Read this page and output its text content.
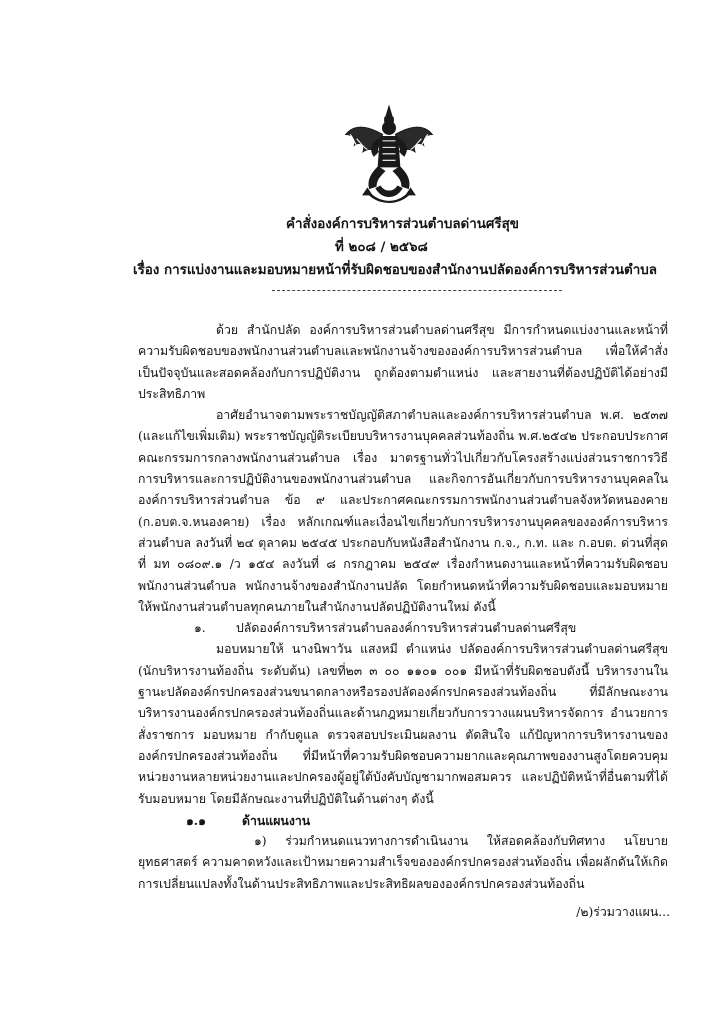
คำสั่งองค์การบริหารส่วนตำบลด่านศรีสุข
ที่ ๒๐๘ / ๒๕๖๘
เรื่อง การแบ่งงานและมอบหมายหน้าที่รับผิดชอบของสำนักงานปลัดองค์การบริหารส่วนตำบล

ด้วย สำนักปลัด องค์การบริหารส่วนตำบลด่านศรีสุข มีการกำหนดแบ่งงานและหน้าที่ความรับผิดชอบของพนักงานส่วนตำบลและพนักงานจ้างขององค์การบริหารส่วนตำบล เพื่อให้คำสั่งเป็นปัจจุบันและสอดคล้องกับการปฏิบัติงาน ถูกต้องตามตำแหน่ง และสายงานที่ต้องปฏิบัติได้อย่างมีประสิทธิภาพ

อาศัยอำนาจตามพระราชบัญญัติสภาตำบลและองค์การบริหารส่วนตำบล พ.ศ. ๒๕๓๗ (และแก้ไขเพิ่มเติม) พระราชบัญญัติระเบียบบริหารงานบุคคลส่วนท้องถิ่น พ.ศ.๒๕๔๒ ประกอบประกาศคณะกรรมการกลางพนักงานส่วนตำบล เรื่อง มาตรฐานทั่วไปเกี่ยวกับโครงสร้างแบ่งส่วนราชการวิธีการบริหารและการปฏิบัติงานของพนักงานส่วนตำบล และกิจการอันเกี่ยวกับการบริหารงานบุคคลในองค์การบริหารส่วนตำบล ข้อ ๙ และประกาศคณะกรรมการพนักงานส่วนตำบลจังหวัดหนองคาย (ก.อบต.จ.หนองคาย) เรื่อง หลักเกณฑ์และเงื่อนไขเกี่ยวกับการบริหารงานบุคคลขององค์การบริหารส่วนตำบล ลงวันที่ ๒๔ ตุลาคม ๒๕๔๕ ประกอบกับหนังสือสำนักงาน ก.จ., ก.ท. และ ก.อบต. ด่วนที่สุด ที่ มท ๐๘๐๙.๑ /ว ๑๕๔ ลงวันที่ ๘ กรกฎาคม ๒๕๔๙ เรื่องกำหนดงานและหน้าที่ความรับผิดชอบพนักงานส่วนตำบล พนักงานจ้างของสำนักงานปลัด โดยกำหนดหน้าที่ความรับผิดชอบและมอบหมายให้พนักงานส่วนตำบลทุกคนภายในสำนักงานปลัดปฏิบัติงานใหม่ ดังนี้

๑. ปลัดองค์การบริหารส่วนตำบลองค์การบริหารส่วนตำบลด่านศรีสุข

มอบหมายให้ นางนิพาวัน แสงหมี ตำแหน่ง ปลัดองค์การบริหารส่วนตำบลด่านศรีสุข (นักบริหารงานท้องถิ่น ระดับต้น) เลขที่๒๓ ๓ ๐๐ ๑๑๐๑ ๐๐๑ มีหน้าที่รับผิดชอบดังนี้ บริหารงานในฐานะปลัดองค์กรปกครองส่วนขนาดกลางหรือรองปลัดองค์กรปกครองส่วนท้องถิ่น ที่มีลักษณะงานบริหารงานองค์กรปกครองส่วนท้องถิ่นและด้านกฎหมายเกี่ยวกับการวางแผนบริหารจัดการ อำนวยการ สั่งราชการ มอบหมาย กำกับดูแล ตรวจสอบประเมินผลงาน ตัดสินใจ แก้ปัญหาการบริหารงานขององค์กรปกครองส่วนท้องถิ่น ที่มีหน้าที่ความรับผิดชอบความยากและคุณภาพของงานสูงโดยควบคุมหน่วยงานหลายหน่วยงานและปกครองผู้อยู่ใต้บังคับบัญชามากพอสมควร และปฏิบัติหน้าที่อื่นตามที่ได้รับมอบหมาย โดยมีลักษณะงานที่ปฏิบัติในด้านต่างๆ ดังนี้

๑.๑	ด้านแผนงาน

๑) ร่วมกำหนดแนวทางการดำเนินงาน ให้สอดคล้องกับทิศทาง นโยบาย ยุทธศาสตร์ ความคาดหวังและเป้าหมายความสำเร็จขององค์กรปกครองส่วนท้องถิ่น เพื่อผลักดันให้เกิดการเปลี่ยนแปลงทั้งในด้านประสิทธิภาพและประสิทธิผลขององค์กรปกครองส่วนท้องถิ่น

/๒)ร่วมวางแผน...
